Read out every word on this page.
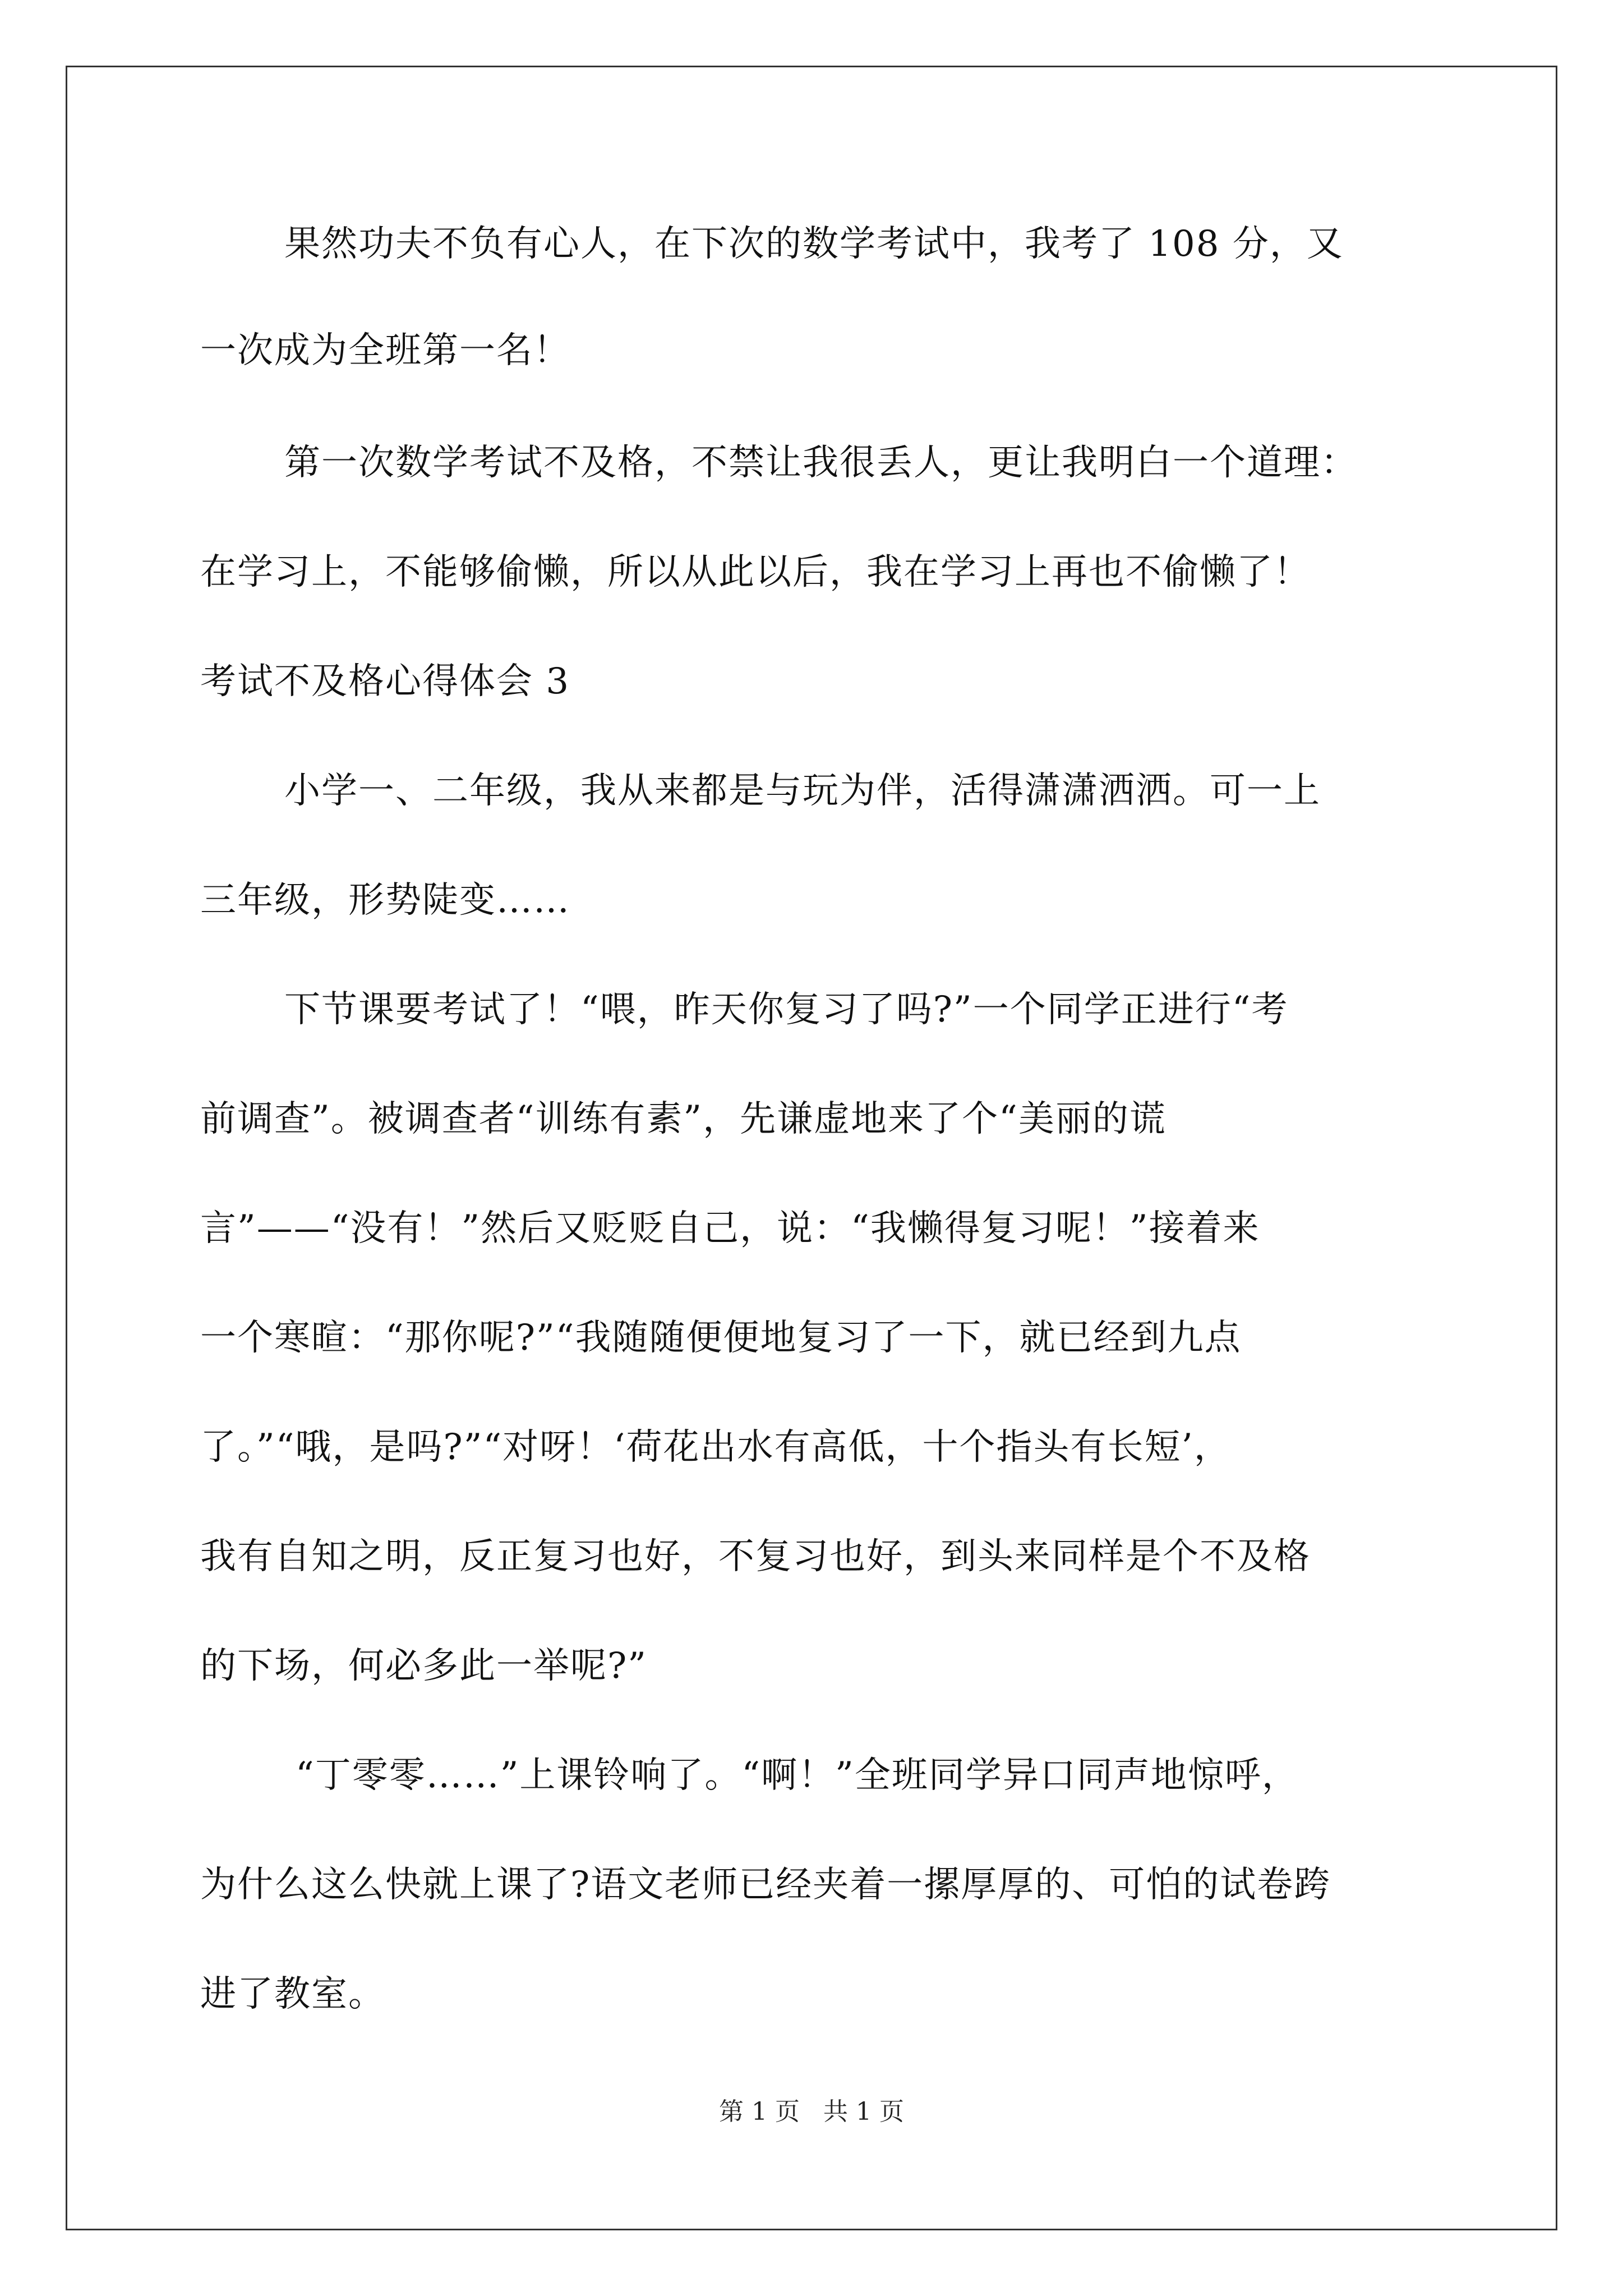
果然功夫不负有心人，在下次的数学考试中，我考了 108 分，又
一次成为全班第一名！
第一次数学考试不及格，不禁让我很丢人，更让我明白一个道理：
在学习上，不能够偷懒，所以从此以后，我在学习上再也不偷懒了！
考试不及格心得体会 3
小学一、二年级，我从来都是与玩为伴，活得潇潇洒洒。可一上
三年级，形势陡变……
下节课要考试了！“喂，昨天你复习了吗?”一个同学正进行“考
前调查”。被调查者“训练有素”，先谦虚地来了个“美丽的谎
言”——“没有！”然后又贬贬自己，说：“我懒得复习呢！”接着来
一个寒暄：“那你呢?”“我随随便便地复习了一下，就已经到九点
了。”“哦，是吗?”“对呀！‘荷花出水有高低，十个指头有长短’，
我有自知之明，反正复习也好，不复习也好，到头来同样是个不及格
的下场，何必多此一举呢?”
“丁零零……”上课铃响了。“啊！”全班同学异口同声地惊呼，
为什么这么快就上课了?语文老师已经夹着一摞厚厚的、可怕的试卷跨
进了教室。
第 1 页 共 1 页
